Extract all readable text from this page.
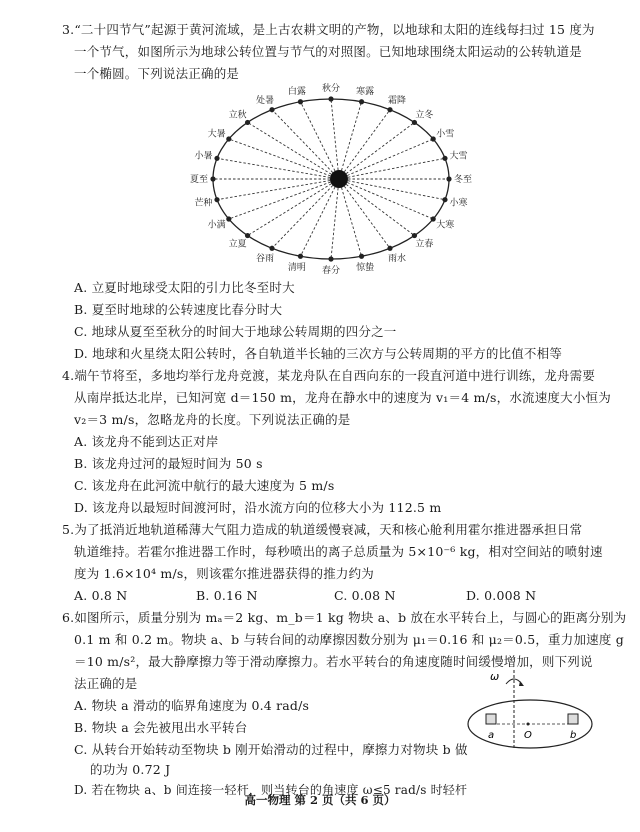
3.“二十四节气”起源于黄河流域，是上古农耕文明的产物，以地球和太阳的连线每扫过 15 度为
一个节气，如图所示为地球公转位置与节气的对照图。已知地球围绕太阳运动的公转轨道是
一个椭圆。下列说法正确的是
冬至
大雪
小雪
立冬
霜降
寒露
秋分
白露
处暑
立秋
大暑
小暑
夏至
芒种
小满
立夏
谷雨
清明 春分 惊蛰
雨水
立春
大寒
小寒
A. 立夏时地球受太阳的引力比冬至时大
B. 夏至时地球的公转速度比春分时大
C. 地球从夏至至秋分的时间大于地球公转周期的四分之一
D. 地球和火星绕太阳公转时，各自轨道半长轴的三次方与公转周期的平方的比值不相等
4.端午节将至，多地均举行龙舟竞渡，某龙舟队在自西向东的一段直河道中进行训练，龙舟需要
从南岸抵达北岸，已知河宽 d＝150 m，龙舟在静水中的速度为 v₁＝4 m/s，水流速度大小恒为
v₂＝3 m/s，忽略龙舟的长度。下列说法正确的是
A. 该龙舟不能到达正对岸
B. 该龙舟过河的最短时间为 50 s
C. 该龙舟在此河流中航行的最大速度为 5 m/s
D. 该龙舟以最短时间渡河时，沿水流方向的位移大小为 112.5 m
5.为了抵消近地轨道稀薄大气阻力造成的轨道缓慢衰减，天和核心舱利用霍尔推进器承担日常
轨道维持。若霍尔推进器工作时，每秒喷出的离子总质量为 5×10⁻⁶ kg，相对空间站的喷射速
度为 1.6×10⁴ m/s，则该霍尔推进器获得的推力约为
A. 0.8 N	B. 0.16 N	C. 0.08 N	D. 0.008 N
6.如图所示，质量分别为 mₐ＝2 kg、m_b＝1 kg 物块 a、b 放在水平转台上，与圆心的距离分别为
0.1 m 和 0.2 m。物块 a、b 与转台间的动摩擦因数分别为 μ₁＝0.16 和 μ₂＝0.5，重力加速度 g
＝10 m/s²，最大静摩擦力等于滑动摩擦力。若水平转台的角速度随时间缓慢增加，则下列说
法正确的是
A. 物块 a 滑动的临界角速度为 0.4 rad/s
B. 物块 a 会先被甩出水平转台
C. 从转台开始转动至物块 b 刚开始滑动的过程中，摩擦力对物块 b 做
的功为 0.72 J
D. 若在物块 a、b 间连接一轻杆，则当转台的角速度 ω≤5 rad/s 时轻杆
ω
a	O	b
高一物理 第 2 页（共 6 页）
